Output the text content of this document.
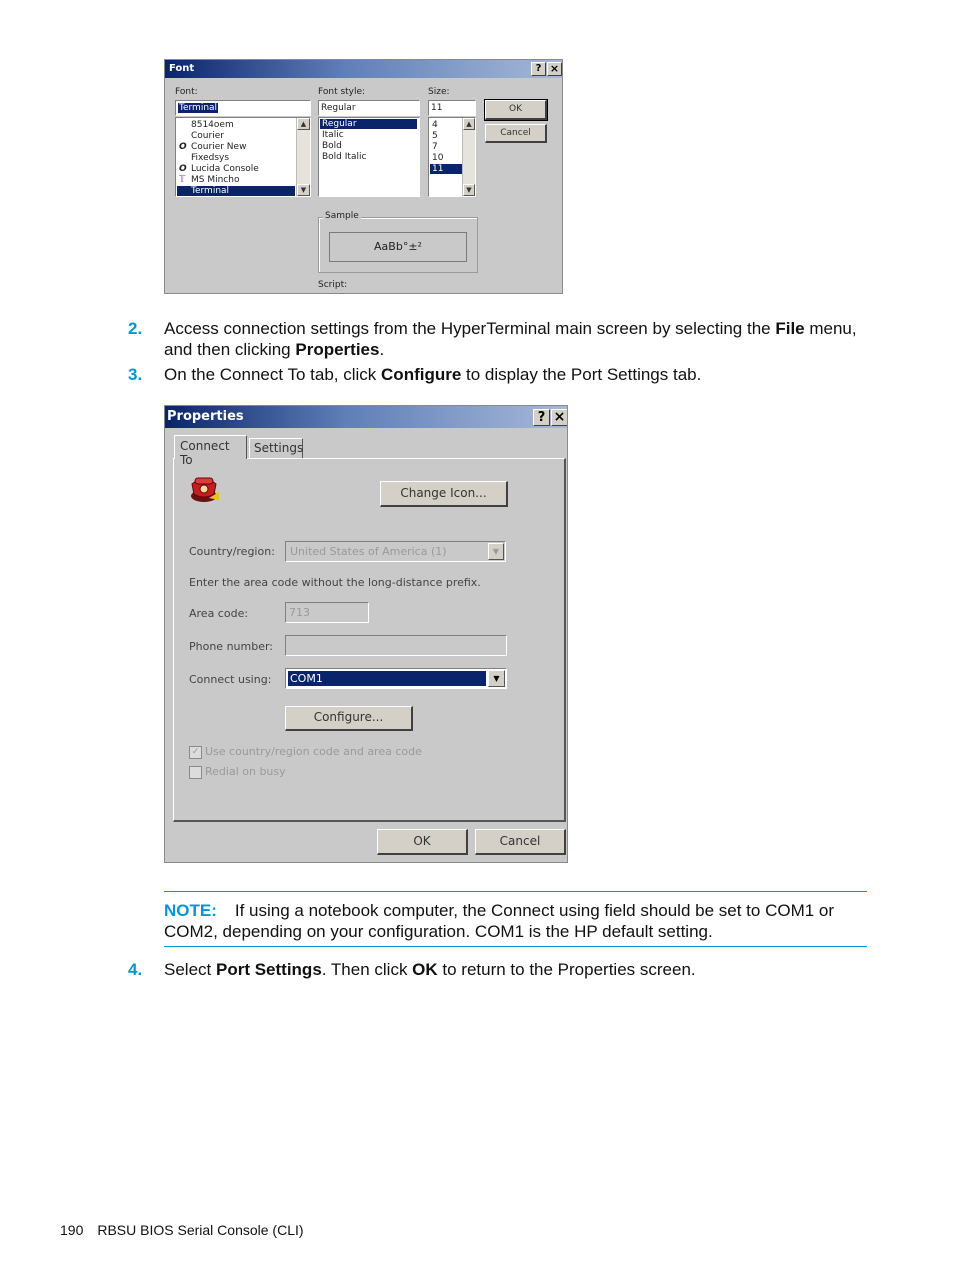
Font	? ×
Font:
Terminal
O
O
𝕋
8514oem
Courier
Courier New
Fixedsys
Lucida Console
MS Mincho
Terminal
▲
▼
Font style:
Regular
Regular
Italic
Bold
Bold Italic
Size:
11
4
5
7
10
11
▲
▼
OK
Cancel
Sample
AaBb°±²
Script:
2. Access connection settings from the HyperTerminal main screen by selecting the File menu,
and then clicking Properties.
3. On the Connect To tab, click Configure to display the Port Settings tab.
Properties	? ×
Connect To
Settings
Change Icon...
Country/region: United States of America (1)	▼
Enter the area code without the long-distance prefix.
Area code:	713
Phone number:
Connect using: COM1	▼
Configure...
✓ Use country/region code and area code
Redial on busy
OK	Cancel
NOTE: If using a notebook computer, the Connect using field should be set to COM1 or COM2, depending on your configuration. COM1 is the HP default setting.
4. Select Port Settings. Then click OK to return to the Properties screen.
190 RBSU BIOS Serial Console (CLI)
